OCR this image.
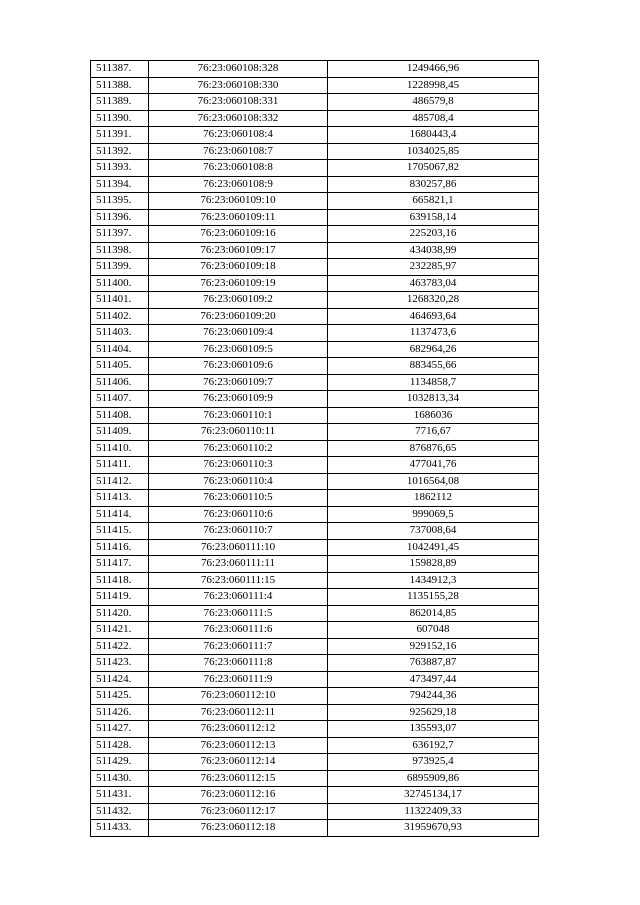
511387.	76:23:060108:328	1249466,96
511388.	76:23:060108:330	1228998,45
511389.	76:23:060108:331	486579,8
511390.	76:23:060108:332	485708,4
511391.	76:23:060108:4	1680443,4
511392.	76:23:060108:7	1034025,85
511393.	76:23:060108:8	1705067,82
511394.	76:23:060108:9	830257,86
511395.	76:23:060109:10	665821,1
511396.	76:23:060109:11	639158,14
511397.	76:23:060109:16	225203,16
511398.	76:23:060109:17	434038,99
511399.	76:23:060109:18	232285,97
511400.	76:23:060109:19	463783,04
511401.	76:23:060109:2	1268320,28
511402.	76:23:060109:20	464693,64
511403.	76:23:060109:4	1137473,6
511404.	76:23:060109:5	682964,26
511405.	76:23:060109:6	883455,66
511406.	76:23:060109:7	1134858,7
511407.	76:23:060109:9	1032813,34
511408.	76:23:060110:1	1686036
511409.	76:23:060110:11	7716,67
511410.	76:23:060110:2	876876,65
511411.	76:23:060110:3	477041,76
511412.	76:23:060110:4	1016564,08
511413.	76:23:060110:5	1862112
511414.	76:23:060110:6	999069,5
511415.	76:23:060110:7	737008,64
511416.	76:23:060111:10	1042491,45
511417.	76:23:060111:11	159828,89
511418.	76:23:060111:15	1434912,3
511419.	76:23:060111:4	1135155,28
511420.	76:23:060111:5	862014,85
511421.	76:23:060111:6	607048
511422.	76:23:060111:7	929152,16
511423.	76:23:060111:8	763887,87
511424.	76:23:060111:9	473497,44
511425.	76:23:060112:10	794244,36
511426.	76:23:060112:11	925629,18
511427.	76:23:060112:12	135593,07
511428.	76:23:060112:13	636192,7
511429.	76:23:060112:14	973925,4
511430.	76:23:060112:15	6895909,86
511431.	76:23:060112:16	32745134,17
511432.	76:23:060112:17	11322409,33
511433.	76:23:060112:18	31959670,93
